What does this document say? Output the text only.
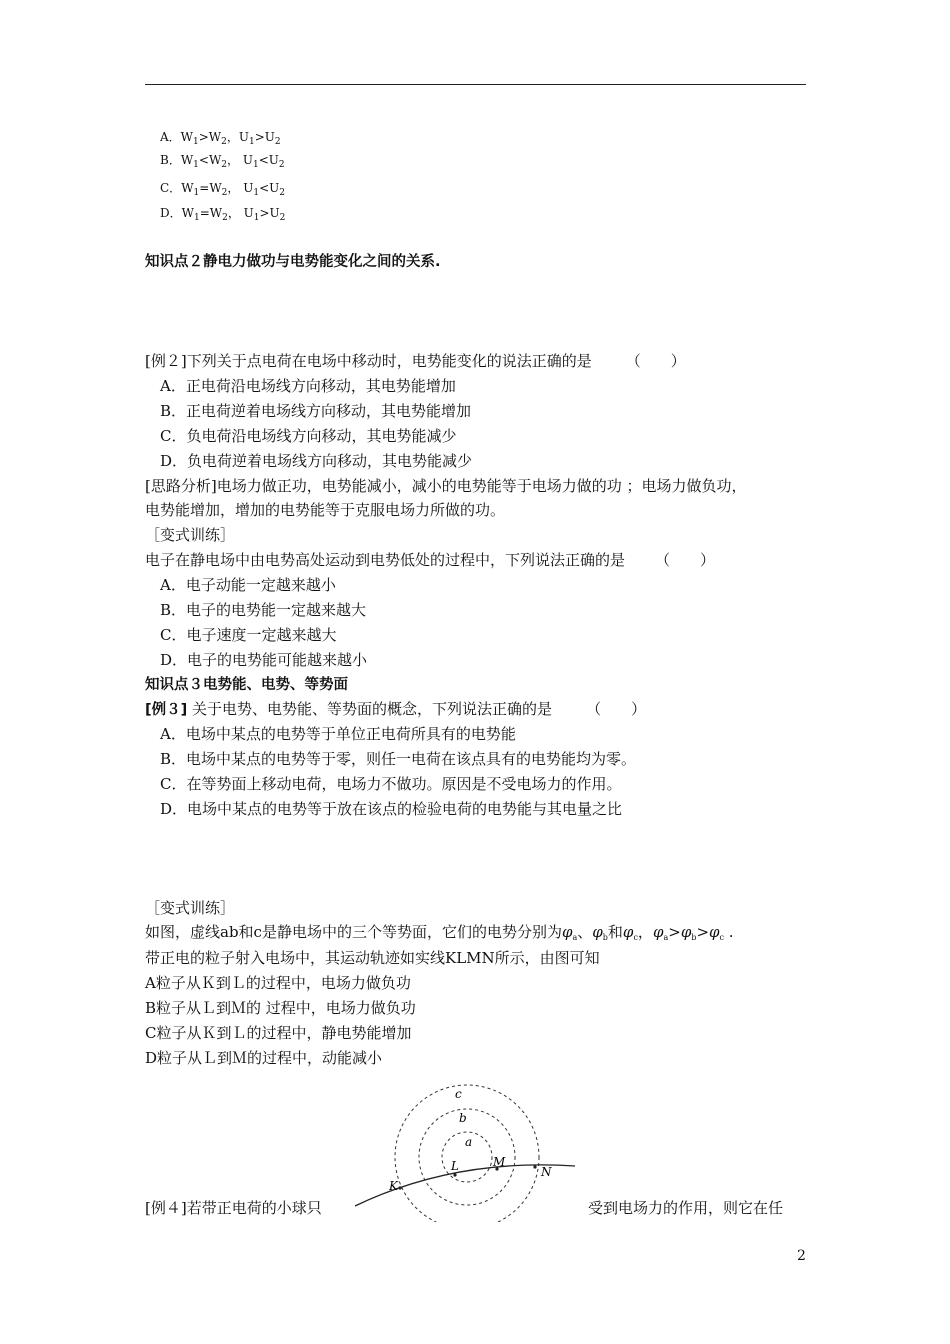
A．$W_1>W_2$，$U_1>U_2$
B．$W_1<W_2$， $U_1<U_2$
C．$W_1=W_2$， $U_1<U_2$
D．$W_1=W_2$， $U_1>U_2$
知识点２静电力做功与电势能变化之间的关系.
[例２]下列关于点电荷在电场中移动时，电势能变化的说法正确的是 （　　）
A．正电荷沿电场线方向移动，其电势能增加
B．正电荷逆着电场线方向移动，其电势能增加
C．负电荷沿电场线方向移动，其电势能减少
D．负电荷逆着电场线方向移动，其电势能减少
[思路分析]电场力做正功，电势能减小，减小的电势能等于电场力做的功 ；电场力做负功，
电势能增加，增加的电势能等于克服电场力所做的功。
［变式训练］
电子在静电场中由电势高处运动到电势低处的过程中，下列说法正确的是 （　　）
A．电子动能一定越来越小
B．电子的电势能一定越来越大
C．电子速度一定越来越大
D．电子的电势能可能越来越小
知识点３电势能、电势、等势面
[例３] 关于电势、电势能、等势面的概念，下列说法正确的是 （　　）
A．电场中某点的电势等于单位正电荷所具有的电势能
B．电场中某点的电势等于零，则任一电荷在该点具有的电势能均为零。
C．在等势面上移动电荷，电场力不做功。原因是不受电场力的作用。
D．电场中某点的电势等于放在该点的检验电荷的电势能与其电量之比
［变式训练］
如图，虚线ab和c是静电场中的三个等势面，它们的电势分别为$\varphi_a$、$\varphi_b$和$\varphi_c$，$\varphi_a>\varphi_b>\varphi_c$ .
带正电的粒子射入电场中，其运动轨迹如实线KLMN所示，由图可知
A粒子从Ｋ到Ｌ的过程中，电场力做负功
B粒子从Ｌ到Ｍ的 过程中，电场力做负功
C粒子从Ｋ到Ｌ的过程中，静电势能增加
D粒子从Ｌ到Ｍ的过程中，动能减小
c
b
a
L	M
N
K
[例４]若带正电荷的小球只	受到电场力的作用，则它在任
2
